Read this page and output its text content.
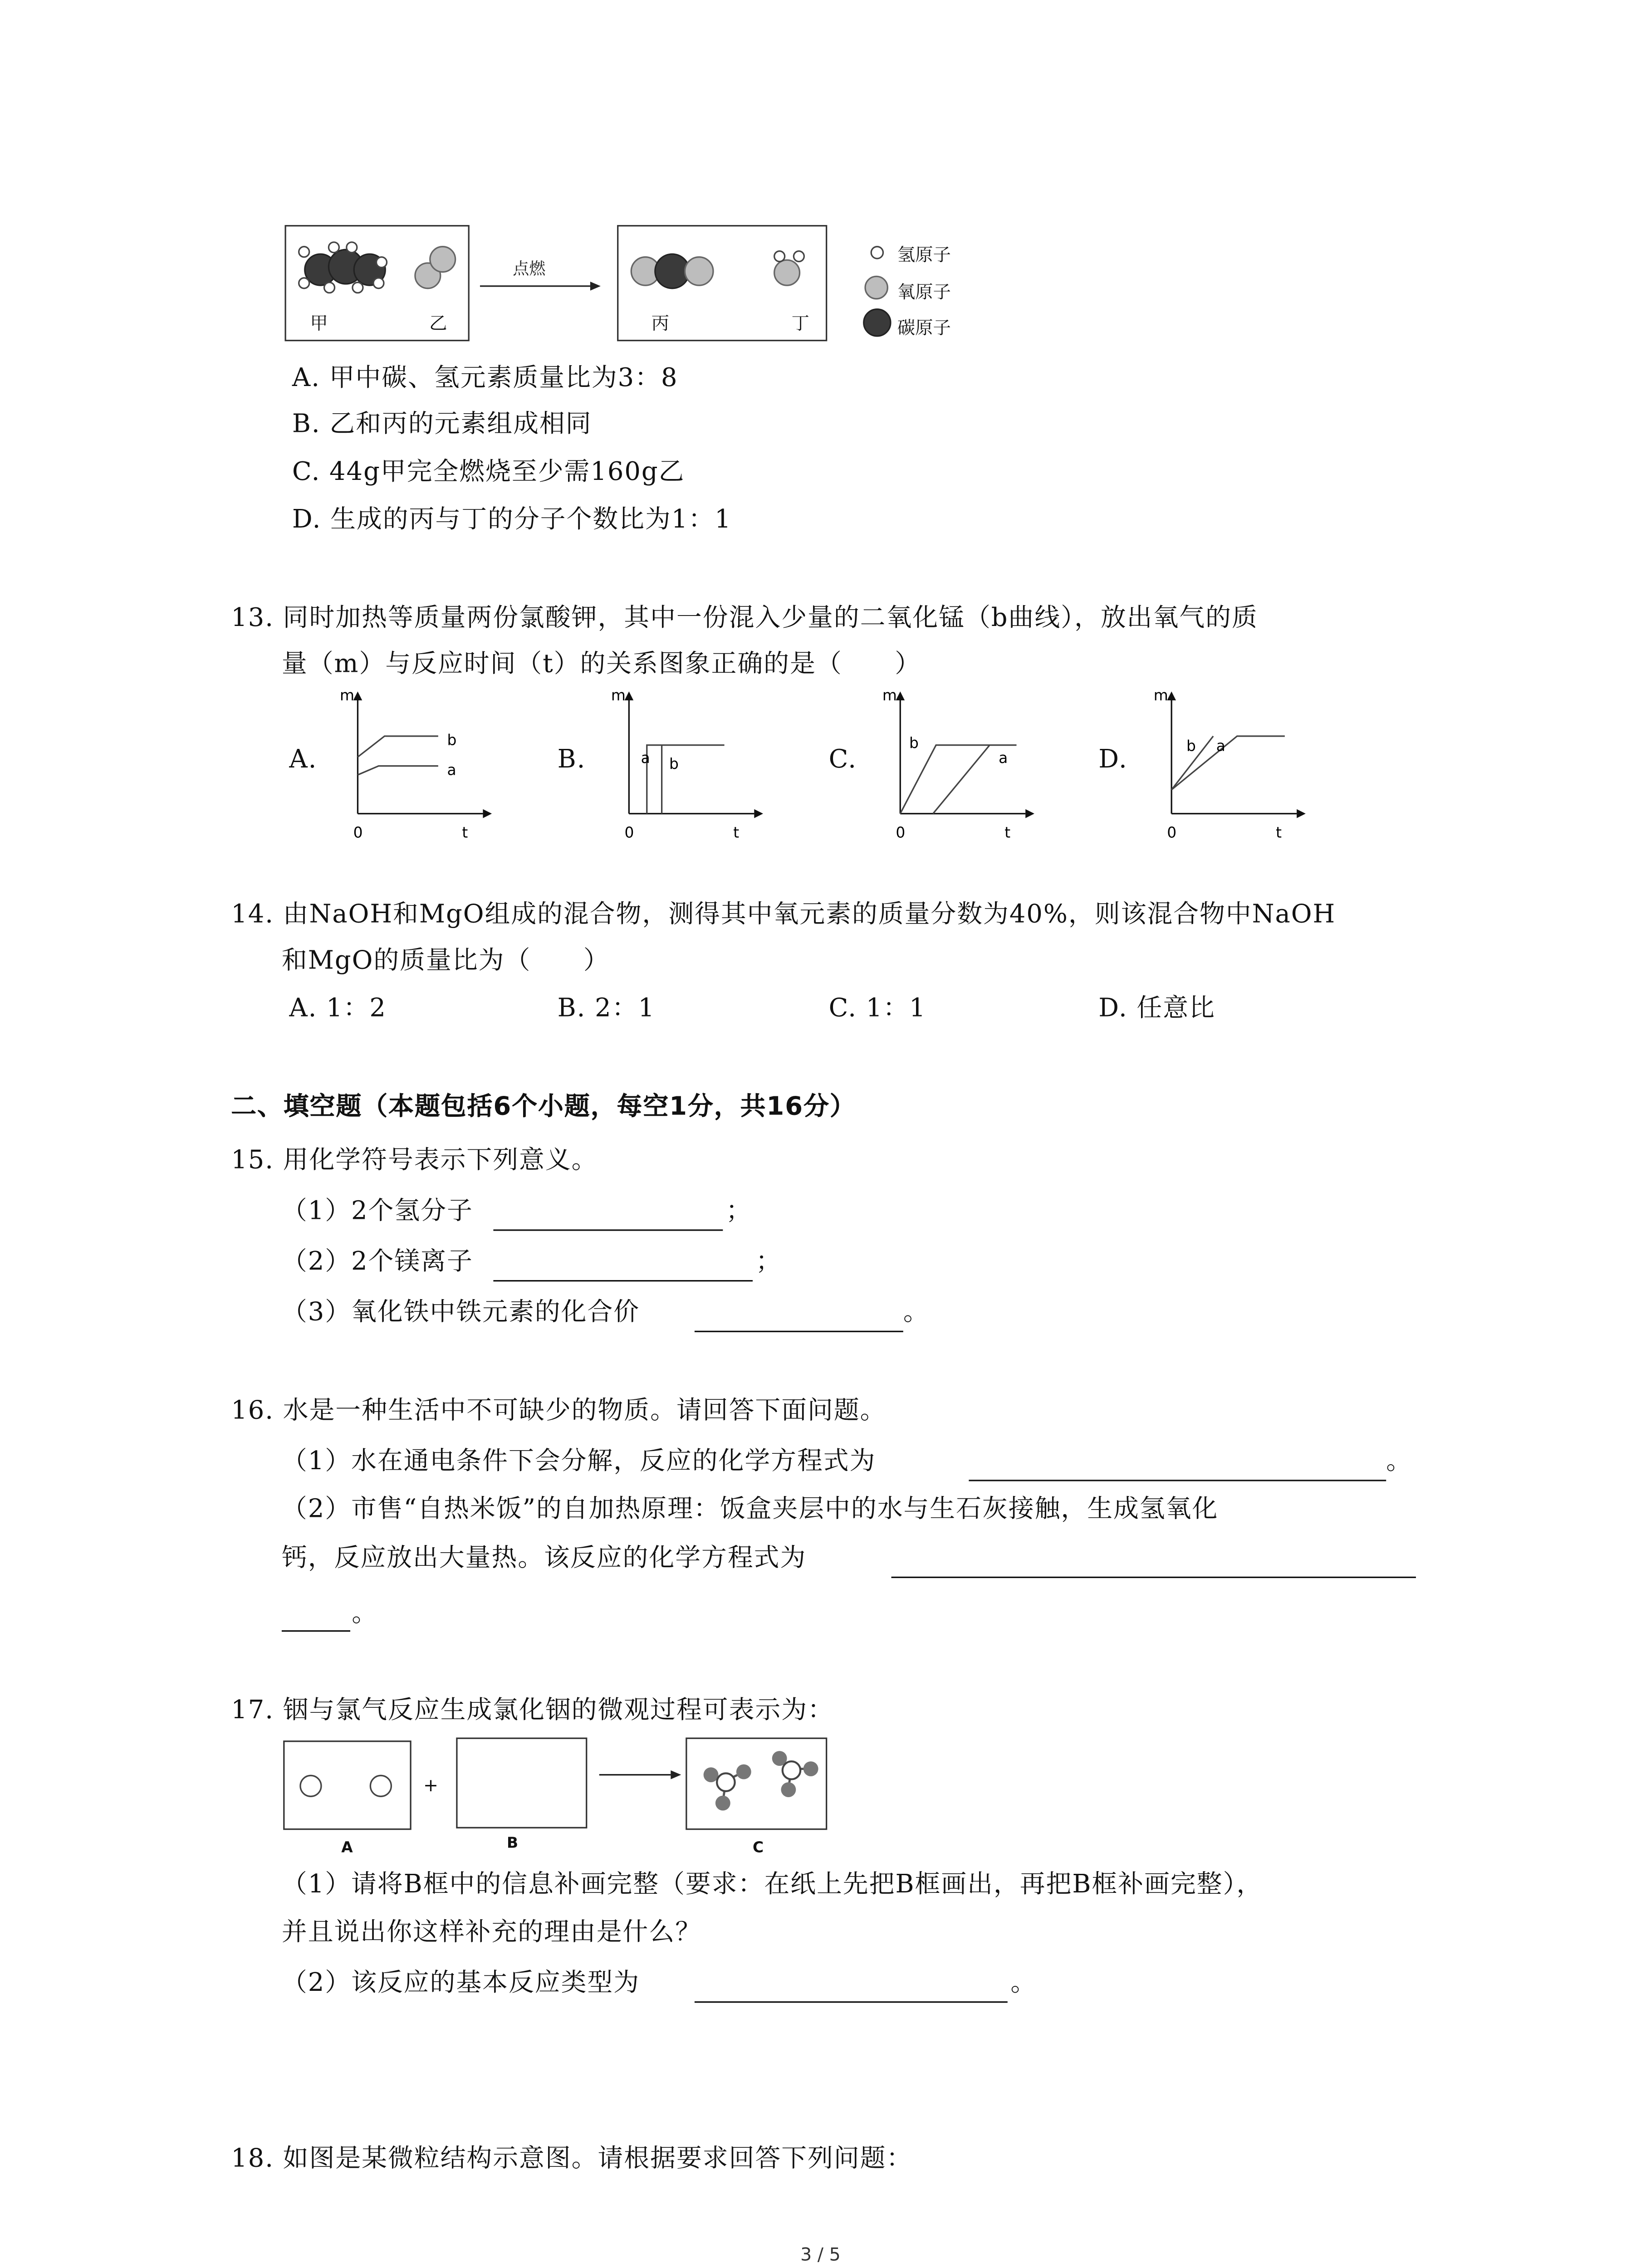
甲	乙
点燃
丙	丁
氢原子
氧原子
碳原子
A. 甲中碳、氢元素质量比为3：8
B. 乙和丙的元素组成相同
C. 44g甲完全燃烧至少需160g乙
D. 生成的丙与丁的分子个数比为1：1
13. 同时加热等质量两份氯酸钾，其中一份混入少量的二氧化锰（b曲线），放出氧气的质
量（m）与反应时间（t）的关系图象正确的是（　　）
A.	B.	C.	D.
m
t
0
b
a
m
t
0
a	b
m
t
0
b
a
m
t
0
b	a
14. 由NaOH和MgO组成的混合物，测得其中氧元素的质量分数为40%，则该混合物中NaOH
和MgO的质量比为（　　）
A. 1：2	B. 2：1	C. 1：1	D. 任意比
二、填空题（本题包括6个小题，每空1分，共16分）
15. 用化学符号表示下列意义。
（1）2个氢分子	；
（2）2个镁离子	；
（3）氧化铁中铁元素的化合价	。
16. 水是一种生活中不可缺少的物质。请回答下面问题。
（1）水在通电条件下会分解，反应的化学方程式为	。
（2）市售“自热米饭”的自加热原理：饭盒夹层中的水与生石灰接触，生成氢氧化
钙，反应放出大量热。该反应的化学方程式为
。
17. 铟与氯气反应生成氯化铟的微观过程可表示为：
+
A	B	C
（1）请将B框中的信息补画完整（要求：在纸上先把B框画出，再把B框补画完整），
并且说出你这样补充的理由是什么？
（2）该反应的基本反应类型为	。
18. 如图是某微粒结构示意图。请根据要求回答下列问题：
3 / 5
